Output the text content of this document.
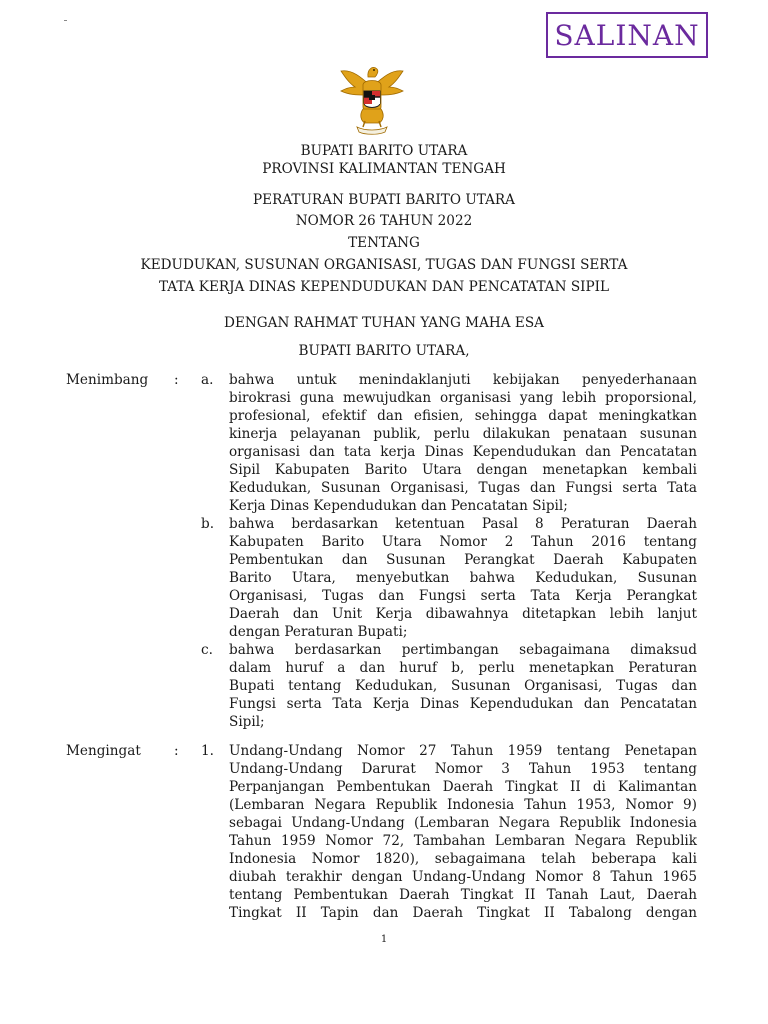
SALINAN
BUPATI BARITO UTARA
PROVINSI KALIMANTAN TENGAH
PERATURAN BUPATI BARITO UTARA
NOMOR 26 TAHUN 2022
TENTANG
KEDUDUKAN, SUSUNAN ORGANISASI, TUGAS DAN FUNGSI SERTA
TATA KERJA DINAS KEPENDUDUKAN DAN PENCATATAN SIPIL
DENGAN RAHMAT TUHAN YANG MAHA ESA
BUPATI BARITO UTARA,
Menimbang : a. bahwa untuk menindaklanjuti kebijakan penyederhanaan
birokrasi guna mewujudkan organisasi yang lebih proporsional,
profesional, efektif dan efisien, sehingga dapat meningkatkan
kinerja pelayanan publik, perlu dilakukan penataan susunan
organisasi dan tata kerja Dinas Kependudukan dan Pencatatan
Sipil Kabupaten Barito Utara dengan menetapkan kembali
Kedudukan, Susunan Organisasi, Tugas dan Fungsi serta Tata
Kerja Dinas Kependudukan dan Pencatatan Sipil;
b. bahwa berdasarkan ketentuan Pasal 8 Peraturan Daerah
Kabupaten Barito Utara Nomor 2 Tahun 2016 tentang
Pembentukan dan Susunan Perangkat Daerah Kabupaten
Barito Utara, menyebutkan bahwa Kedudukan, Susunan
Organisasi, Tugas dan Fungsi serta Tata Kerja Perangkat
Daerah dan Unit Kerja dibawahnya ditetapkan lebih lanjut
dengan Peraturan Bupati;
c. bahwa berdasarkan pertimbangan sebagaimana dimaksud
dalam huruf a dan huruf b, perlu menetapkan Peraturan
Bupati tentang Kedudukan, Susunan Organisasi, Tugas dan
Fungsi serta Tata Kerja Dinas Kependudukan dan Pencatatan
Sipil;
Mengingat : 1. Undang-Undang Nomor 27 Tahun 1959 tentang Penetapan
Undang-Undang Darurat Nomor 3 Tahun 1953 tentang
Perpanjangan Pembentukan Daerah Tingkat II di Kalimantan
(Lembaran Negara Republik Indonesia Tahun 1953, Nomor 9)
sebagai Undang-Undang (Lembaran Negara Republik Indonesia
Tahun 1959 Nomor 72, Tambahan Lembaran Negara Republik
Indonesia Nomor 1820), sebagaimana telah beberapa kali
diubah terakhir dengan Undang-Undang Nomor 8 Tahun 1965
tentang Pembentukan Daerah Tingkat II Tanah Laut, Daerah
Tingkat II Tapin dan Daerah Tingkat II Tabalong dengan
1
